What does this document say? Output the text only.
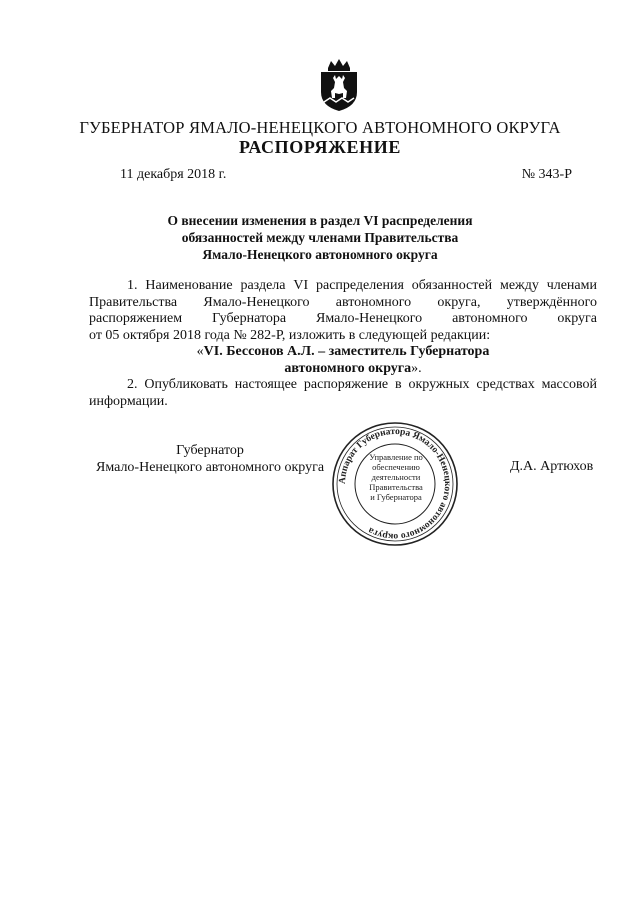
ГУБЕРНАТОР ЯМАЛО-НЕНЕЦКОГО АВТОНОМНОГО ОКРУГА
РАСПОРЯЖЕНИЕ
11 декабря 2018 г.	№ 343-Р
О внесении изменения в раздел VI распределения
обязанностей между членами Правительства
Ямало-Ненецкого автономного округа
1. Наименование раздела VI распределения обязанностей между членами
Правительства Ямало-Ненецкого автономного округа, утверждённого
распоряжением Губернатора Ямало-Ненецкого автономного округа
от 05 октября 2018 года № 282-Р, изложить в следующей редакции:
«VI. Бессонов А.Л. – заместитель Губернатора
автономного округа».
2. Опубликовать настоящее распоряжение в окружных средствах массовой
информации.
Губернатор
Ямало-Ненецкого автономного округа	Д.А. Артюхов
Аппарат Губернатора Ямало-Ненецкого автономного округа
Управление по
обеспечению
деятельности
Правительства
и Губернатора
